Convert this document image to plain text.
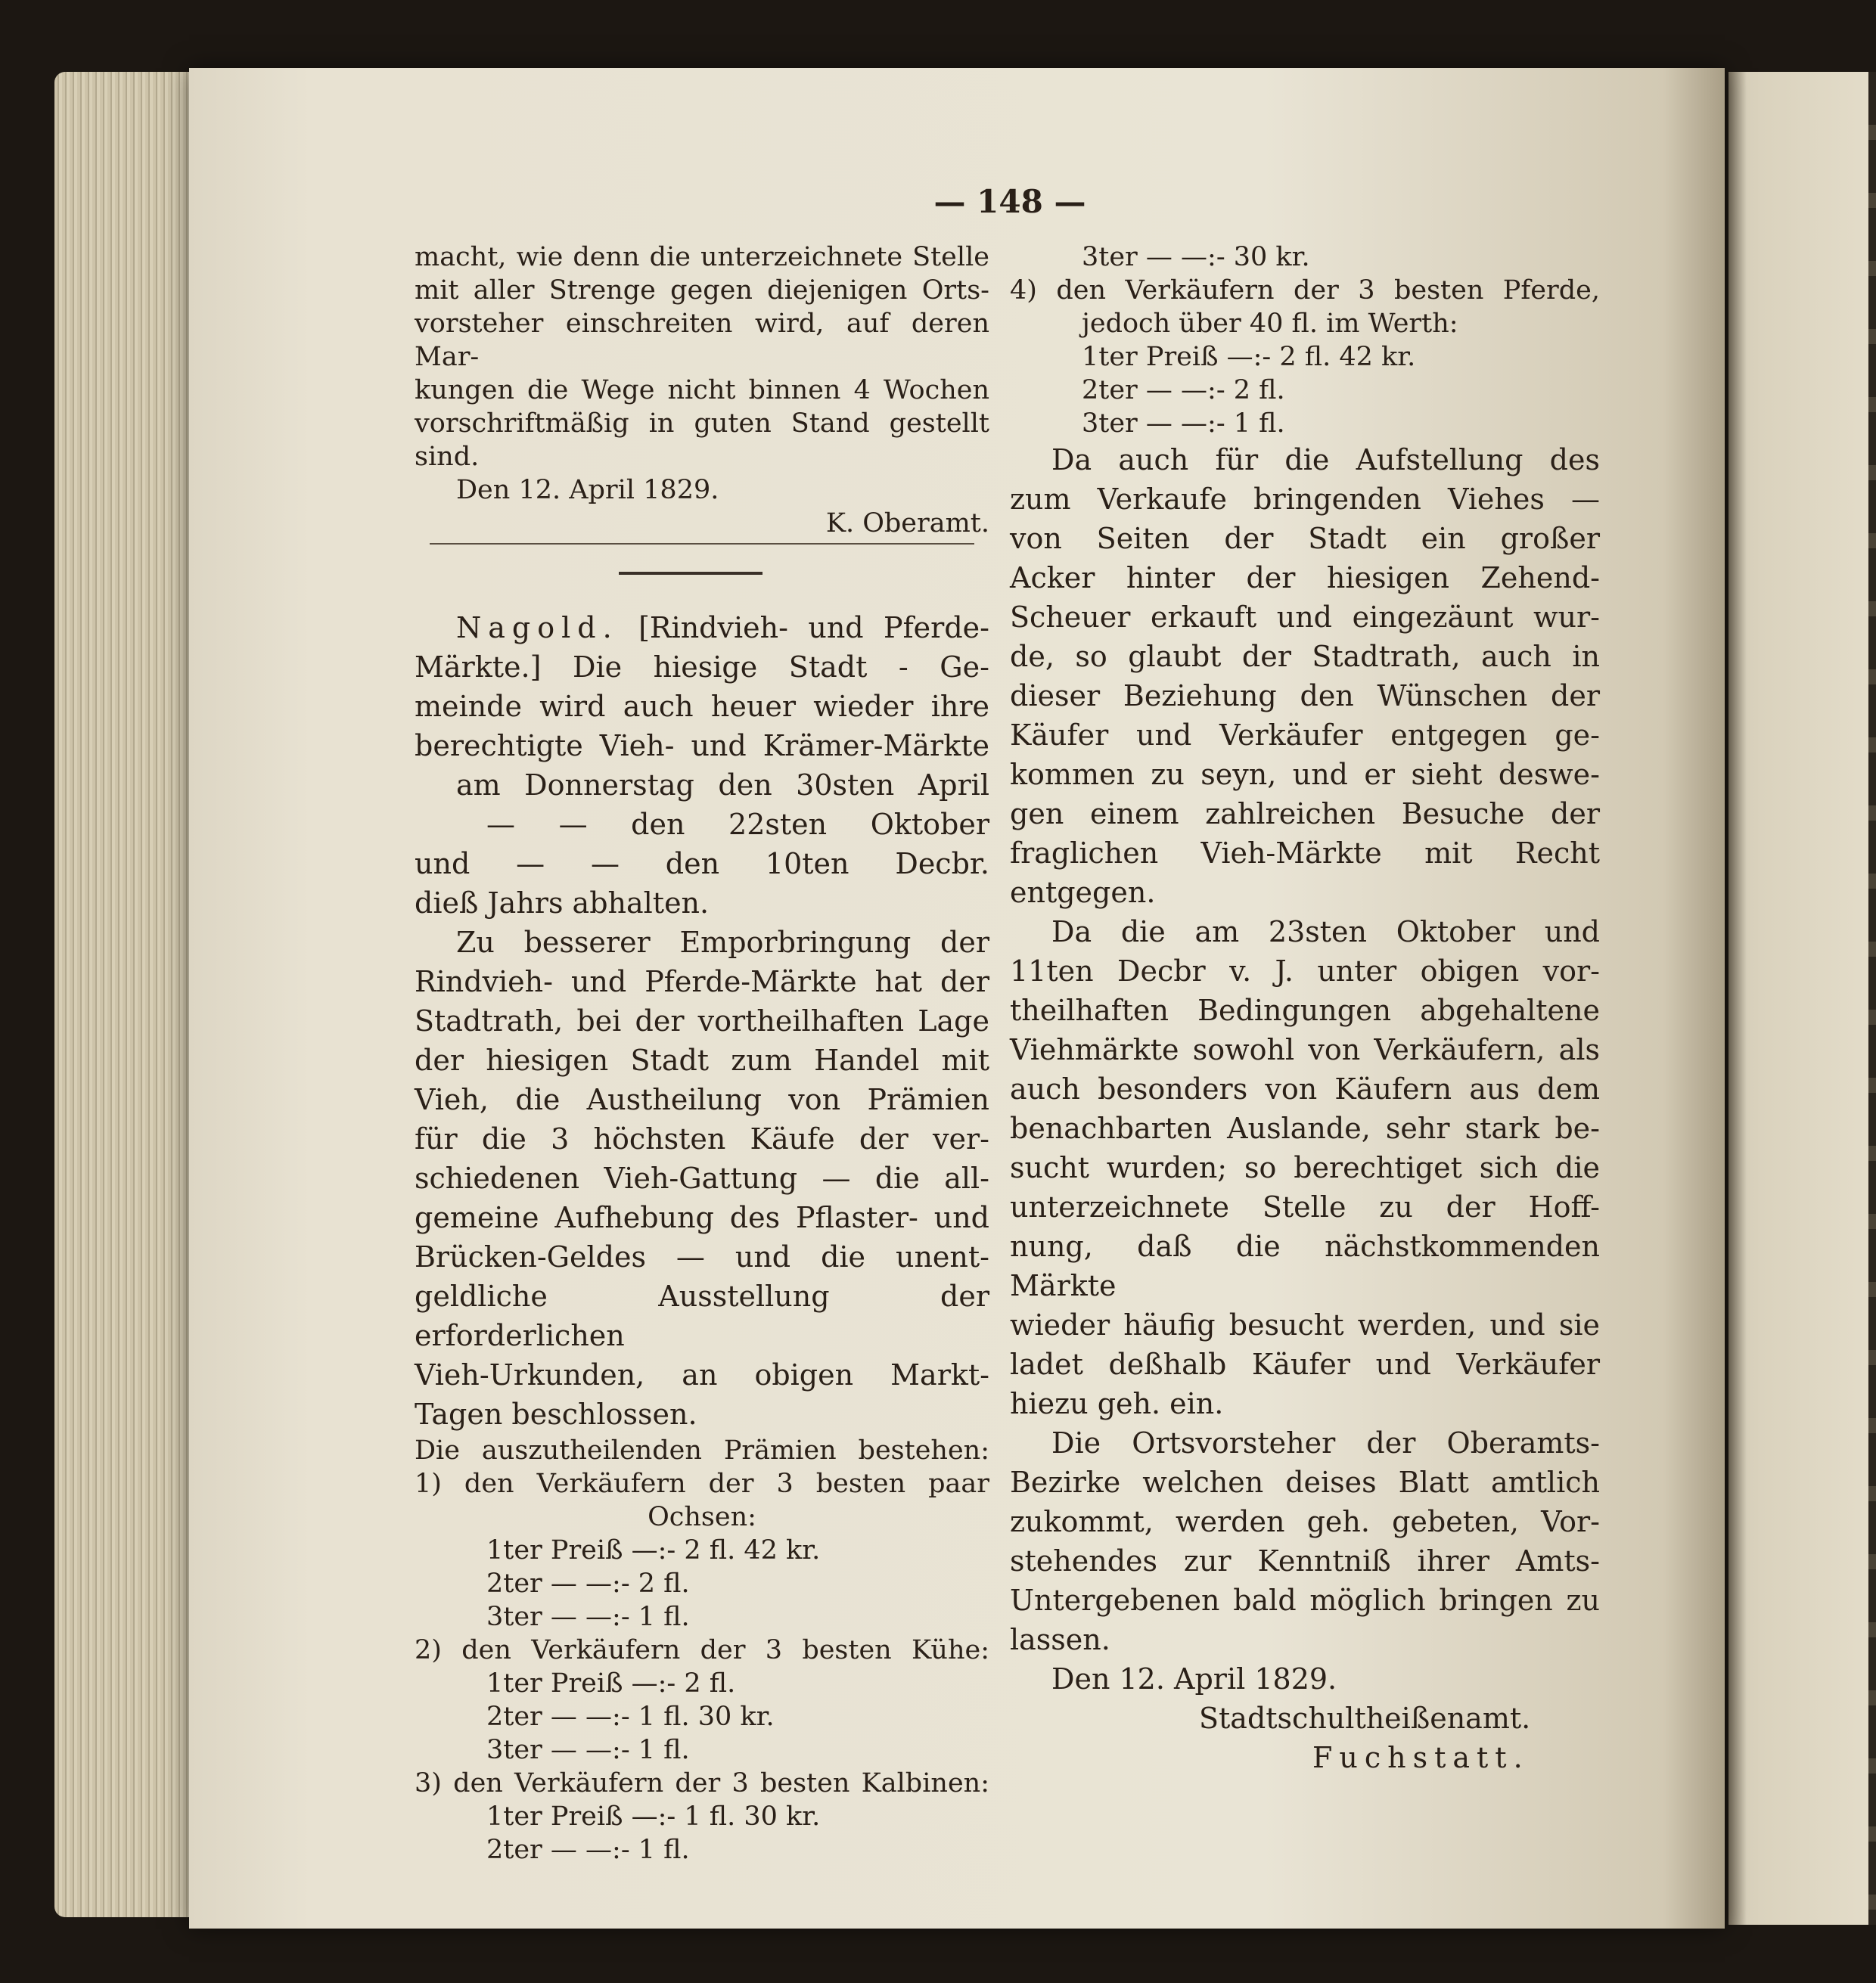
— 148 —

macht, wie denn die unterzeichnete Stelle

mit aller Strenge gegen diejenigen Orts-

vorsteher einschreiten wird, auf deren Mar-

kungen die Wege nicht binnen 4 Wochen

vorschriftmäßig in guten Stand gestellt sind.

Den 12. April 1829.

K. Oberamt.

Nagold. [Rindvieh- und Pferde-

Märkte.] Die hiesige Stadt - Ge-

meinde wird auch heuer wieder ihre

berechtigte Vieh- und Krämer-Märkte

am Donnerstag den 30sten April

— — den 22sten Oktober

und — — den 10ten Decbr.

dieß Jahrs abhalten.

Zu besserer Emporbringung der

Rindvieh- und Pferde-Märkte hat der

Stadtrath, bei der vortheilhaften Lage

der hiesigen Stadt zum Handel mit

Vieh, die Austheilung von Prämien

für die 3 höchsten Käufe der ver-

schiedenen Vieh-Gattung — die all-

gemeine Aufhebung des Pflaster- und

Brücken-Geldes — und die unent-

geldliche Ausstellung der erforderlichen

Vieh-Urkunden, an obigen Markt-

Tagen beschlossen.

Die auszutheilenden Prämien bestehen:

1) den Verkäufern der 3 besten paar

Ochsen:

1ter Preiß —:- 2 fl. 42 kr.

2ter — —:- 2 fl.

3ter — —:- 1 fl.

2) den Verkäufern der 3 besten Kühe:

1ter Preiß —:- 2 fl.

2ter — —:- 1 fl. 30 kr.

3ter — —:- 1 fl.

3) den Verkäufern der 3 besten Kalbinen:

1ter Preiß —:- 1 fl. 30 kr.

2ter — —:- 1 fl.

3ter — —:- 30 kr.

4) den Verkäufern der 3 besten Pferde,

jedoch über 40 fl. im Werth:

1ter Preiß —:- 2 fl. 42 kr.

2ter — —:- 2 fl.

3ter — —:- 1 fl.

Da auch für die Aufstellung des

zum Verkaufe bringenden Viehes —

von Seiten der Stadt ein großer

Acker hinter der hiesigen Zehend-

Scheuer erkauft und eingezäunt wur-

de, so glaubt der Stadtrath, auch in

dieser Beziehung den Wünschen der

Käufer und Verkäufer entgegen ge-

kommen zu seyn, und er sieht deswe-

gen einem zahlreichen Besuche der

fraglichen Vieh-Märkte mit Recht

entgegen.

Da die am 23sten Oktober und

11ten Decbr v. J. unter obigen vor-

theilhaften Bedingungen abgehaltene

Viehmärkte sowohl von Verkäufern, als

auch besonders von Käufern aus dem

benachbarten Auslande, sehr stark be-

sucht wurden; so berechtiget sich die

unterzeichnete Stelle zu der Hoff-

nung, daß die nächstkommenden Märkte

wieder häufig besucht werden, und sie

ladet deßhalb Käufer und Verkäufer

hiezu geh. ein.

Die Ortsvorsteher der Oberamts-

Bezirke welchen deises Blatt amtlich

zukommt, werden geh. gebeten, Vor-

stehendes zur Kenntniß ihrer Amts-

Untergebenen bald möglich bringen zu

lassen.

Den 12. April 1829.

Stadtschultheißenamt.

Fuchstatt.
